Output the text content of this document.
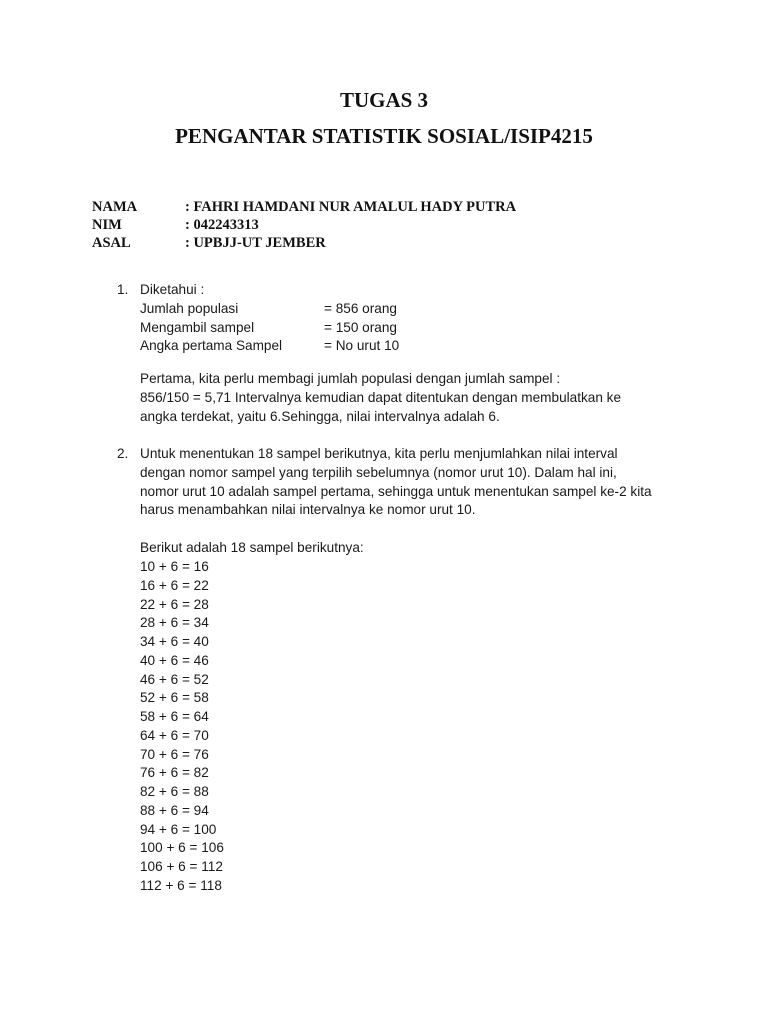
TUGAS 3
PENGANTAR STATISTIK SOSIAL/ISIP4215
1. Diketahui :
Jumlah populasi	= 856 orang
Mengambil sampel	= 150 orang
Angka pertama Sampel	= No urut 10
Pertama, kita perlu membagi jumlah populasi dengan jumlah sampel :
856/150 = 5,71 Intervalnya kemudian dapat ditentukan dengan membulatkan ke
angka terdekat, yaitu 6.Sehingga, nilai intervalnya adalah 6.
2. Untuk menentukan 18 sampel berikutnya, kita perlu menjumlahkan nilai interval
dengan nomor sampel yang terpilih sebelumnya (nomor urut 10). Dalam hal ini,
nomor urut 10 adalah sampel pertama, sehingga untuk menentukan sampel ke-2 kita
harus menambahkan nilai intervalnya ke nomor urut 10.
Berikut adalah 18 sampel berikutnya:
10 + 6 = 16
16 + 6 = 22
22 + 6 = 28
28 + 6 = 34
34 + 6 = 40
40 + 6 = 46
46 + 6 = 52
52 + 6 = 58
58 + 6 = 64
64 + 6 = 70
70 + 6 = 76
76 + 6 = 82
82 + 6 = 88
88 + 6 = 94
94 + 6 = 100
100 + 6 = 106
106 + 6 = 112
112 + 6 = 118
NAMA	: FAHRI HAMDANI NUR AMALUL HADY PUTRA
NIM	: 042243313
ASAL	: UPBJJ-UT JEMBER
